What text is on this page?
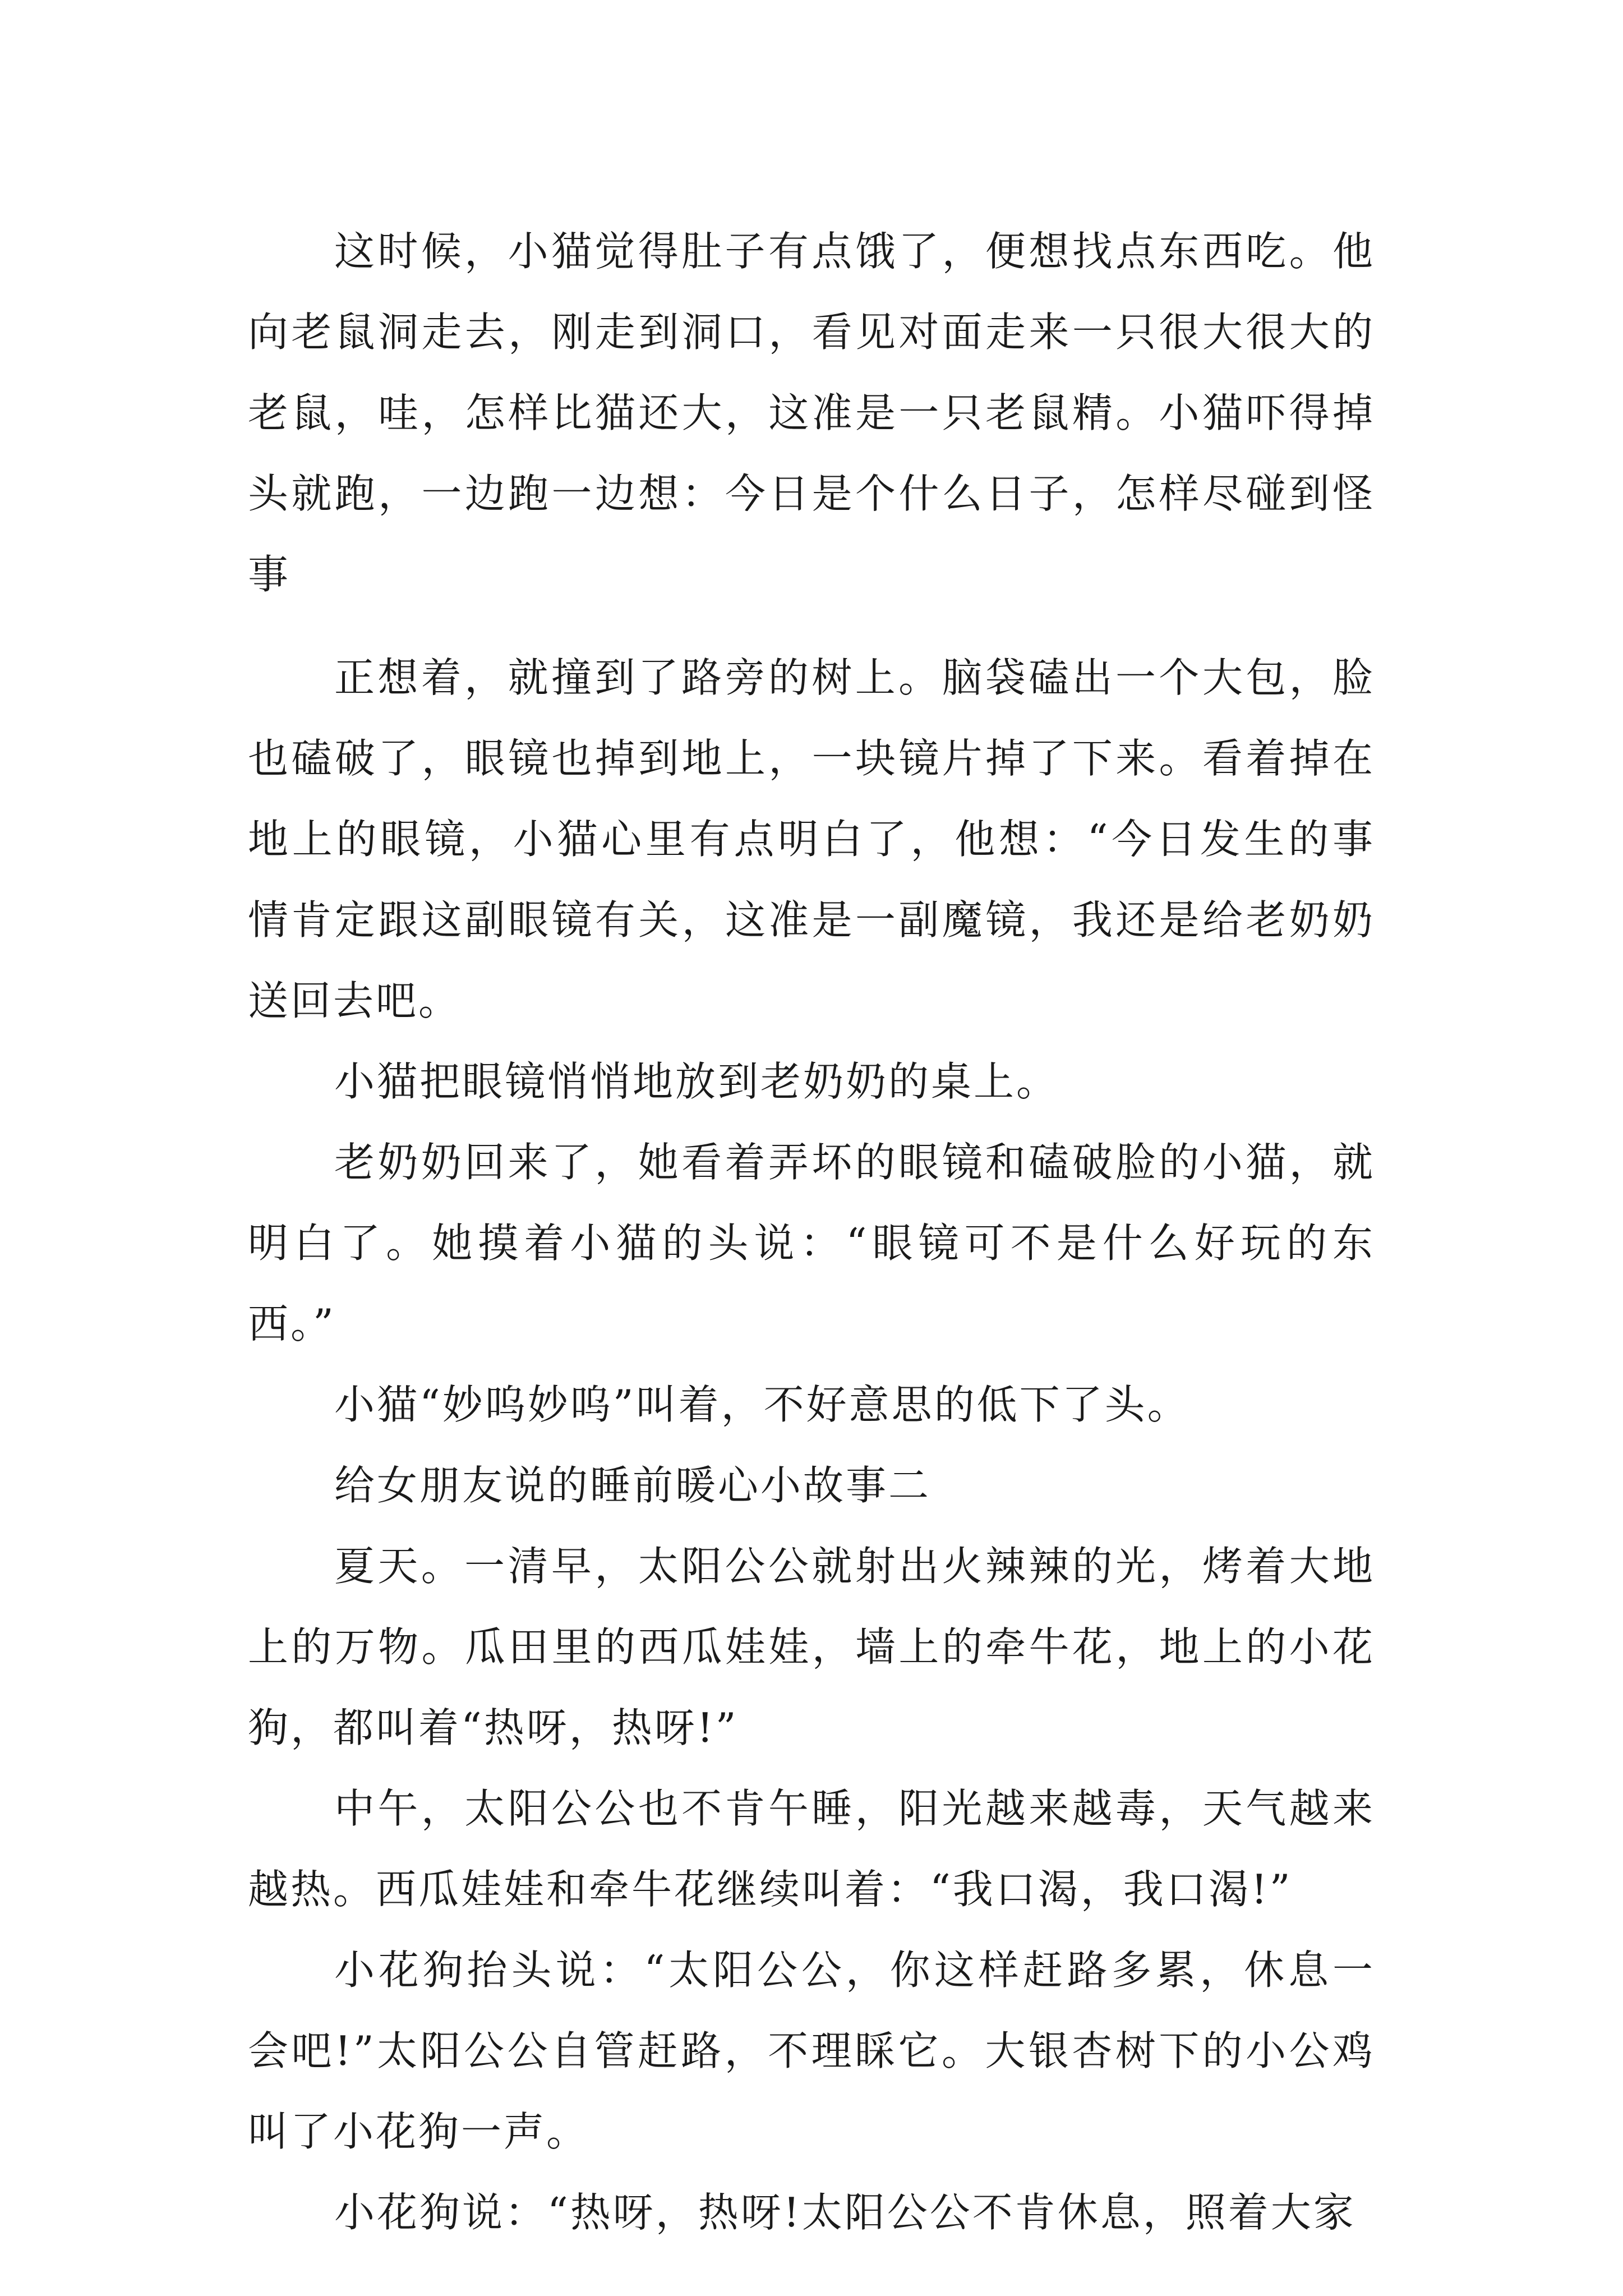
这时候，小猫觉得肚子有点饿了，便想找点东西吃。他向老鼠洞走去，刚走到洞口，看见对面走来一只很大很大的老鼠，哇，怎样比猫还大，这准是一只老鼠精。小猫吓得掉头就跑，一边跑一边想：今日是个什么日子，怎样尽碰到怪事

正想着，就撞到了路旁的树上。脑袋磕出一个大包，脸也磕破了，眼镜也掉到地上，一块镜片掉了下来。看着掉在地上的眼镜，小猫心里有点明白了，他想：“今日发生的事情肯定跟这副眼镜有关，这准是一副魔镜，我还是给老奶奶送回去吧。

小猫把眼镜悄悄地放到老奶奶的桌上。

老奶奶回来了，她看着弄坏的眼镜和磕破脸的小猫，就明白了。她摸着小猫的头说：“眼镜可不是什么好玩的东西。”

小猫“妙呜妙呜”叫着，不好意思的低下了头。

给女朋友说的睡前暖心小故事二

夏天。一清早，太阳公公就射出火辣辣的光，烤着大地上的万物。瓜田里的西瓜娃娃，墙上的牵牛花，地上的小花狗，都叫着“热呀，热呀!”

中午，太阳公公也不肯午睡，阳光越来越毒，天气越来越热。西瓜娃娃和牵牛花继续叫着：“我口渴，我口渴!”

小花狗抬头说：“太阳公公，你这样赶路多累，休息一会吧!”太阳公公自管赶路，不理睬它。大银杏树下的小公鸡叫了小花狗一声。

小花狗说：“热呀，热呀!太阳公公不肯休息，照着大家
